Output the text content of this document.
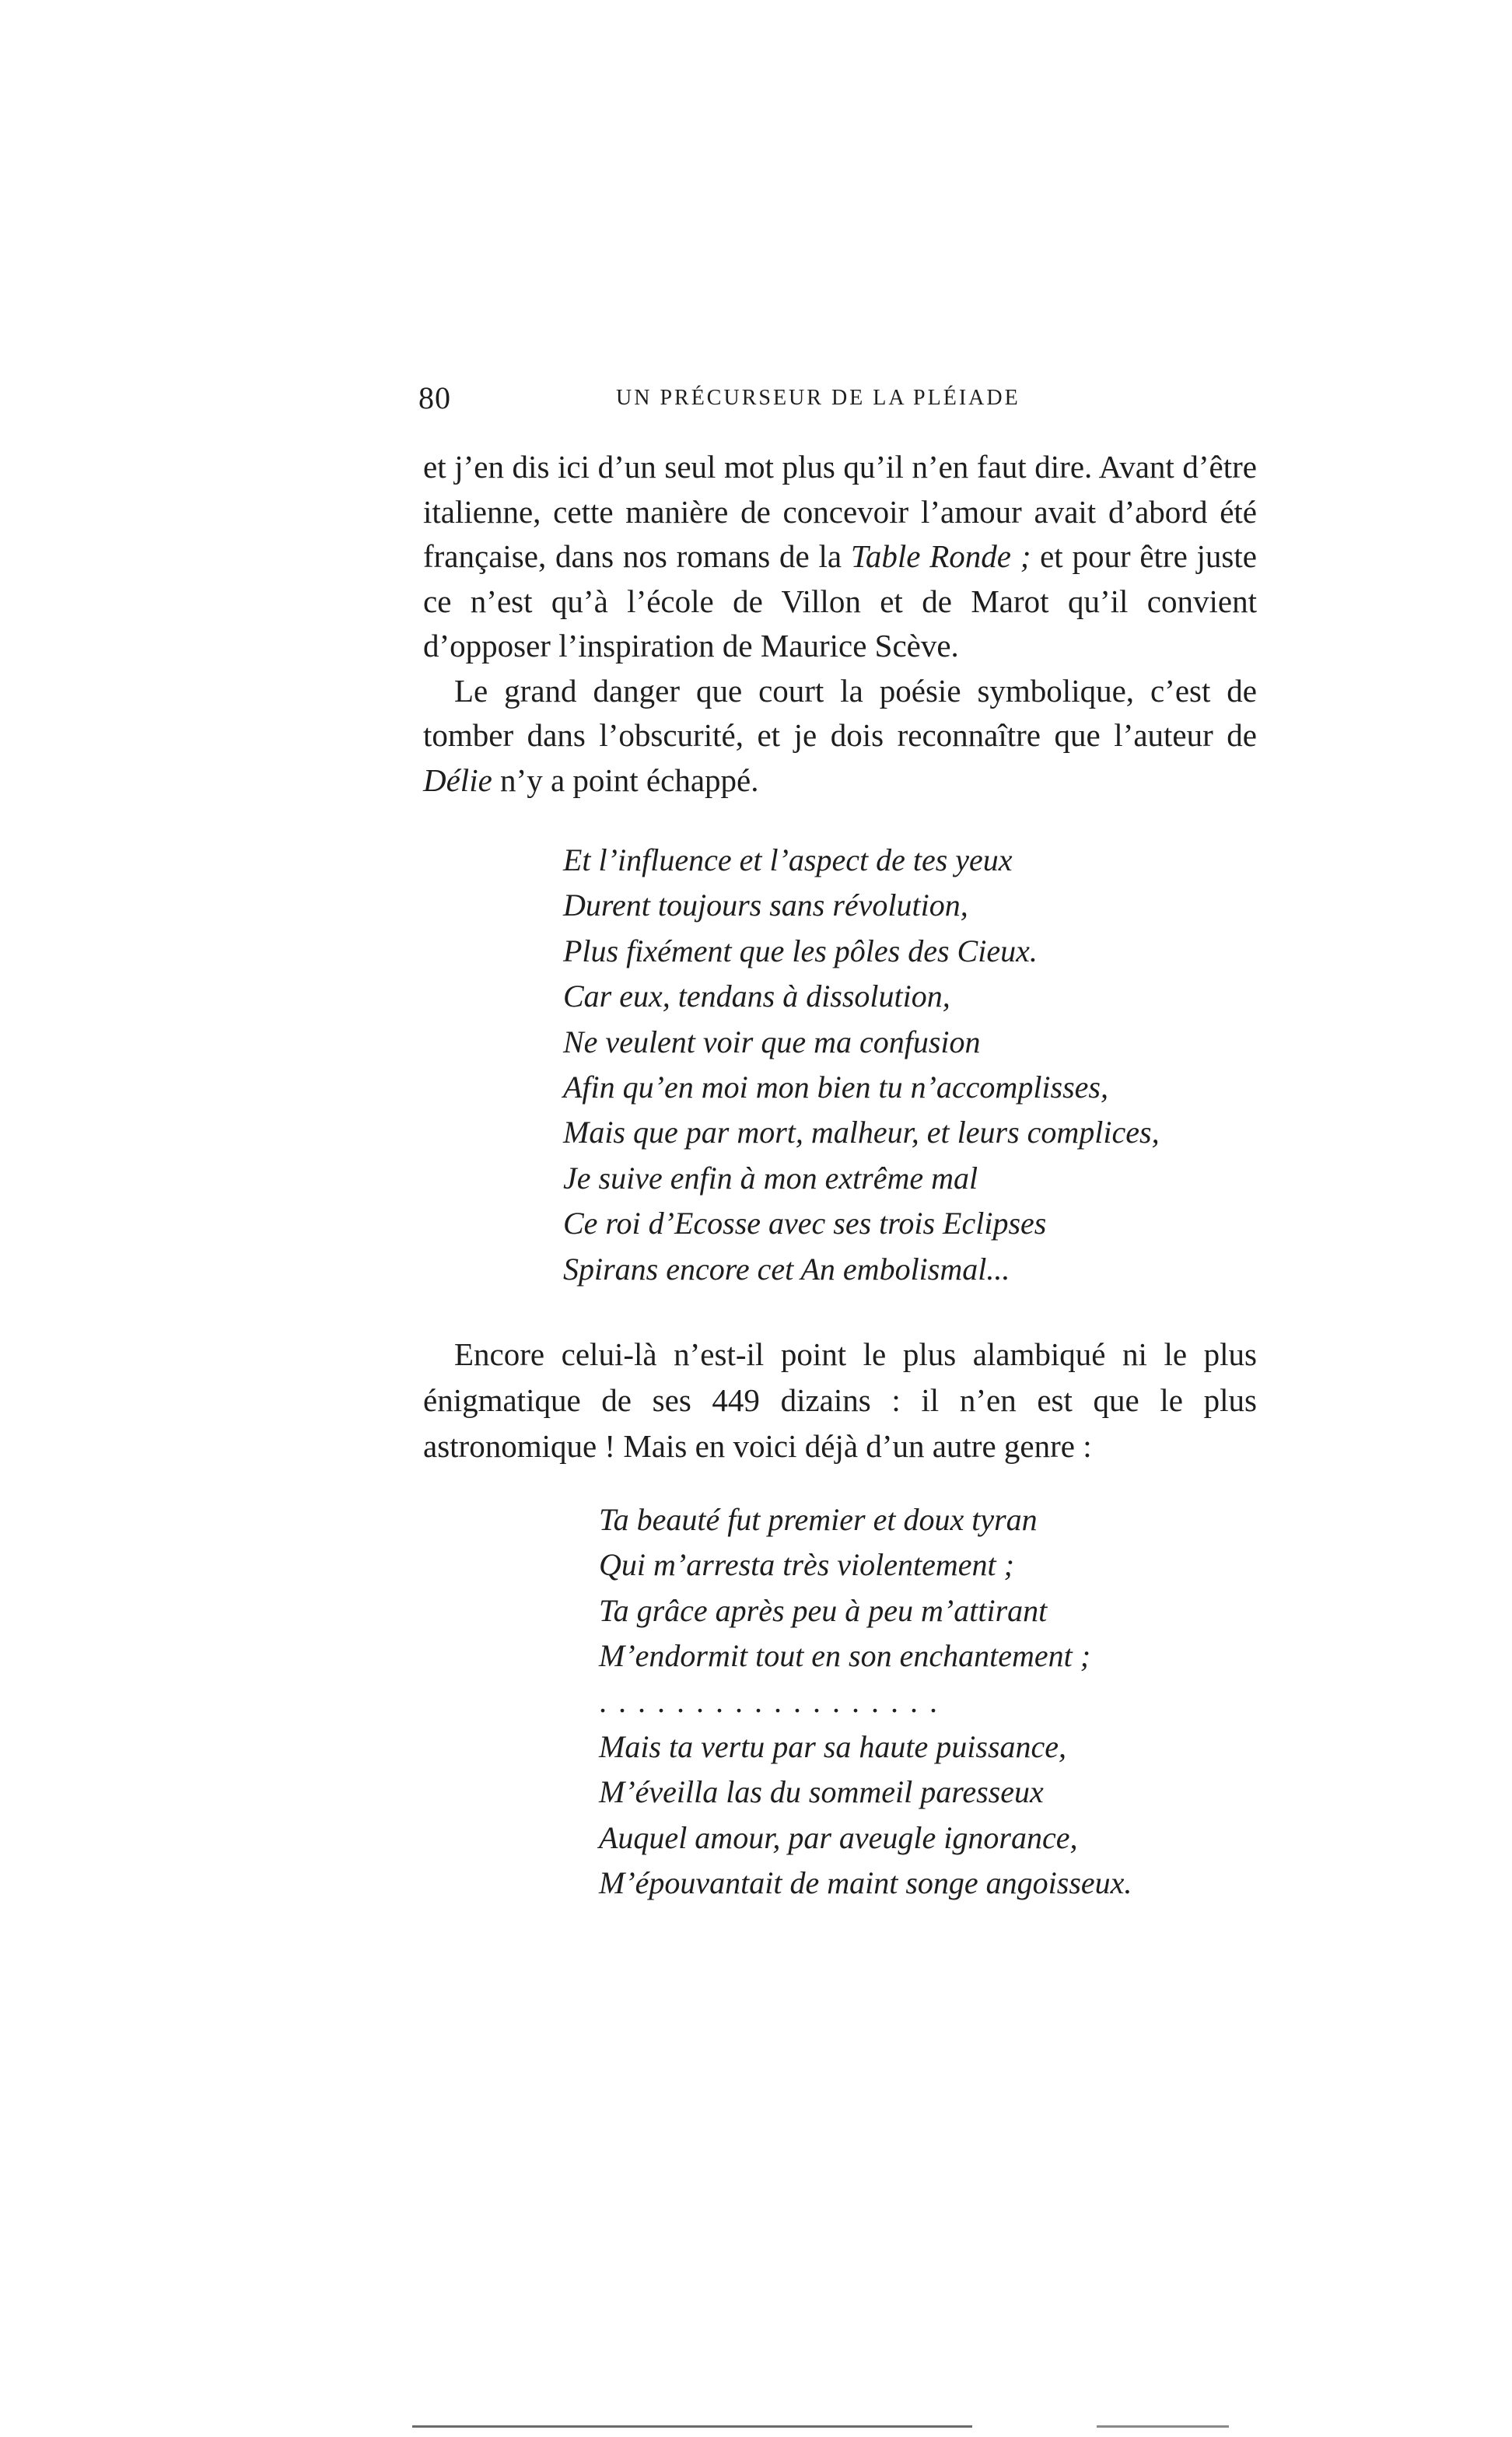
80	UN PRÉCURSEUR DE LA PLÉIADE

et j’en dis ici d’un seul mot plus qu’il n’en faut dire. Avant d’être italienne, cette manière de concevoir l’amour avait d’abord été française, dans nos romans de la Table Ronde ; et pour être juste ce n’est qu’à l’école de Villon et de Marot qu’il convient d’opposer l’inspiration de Maurice Scève.

Le grand danger que court la poésie symbolique, c’est de tomber dans l’obscurité, et je dois reconnaître que l’auteur de Délie n’y a point échappé.

Et l’influence et l’aspect de tes yeux
Durent toujours sans révolution,
Plus fixément que les pôles des Cieux.
Car eux, tendans à dissolution,
Ne veulent voir que ma confusion
Afin qu’en moi mon bien tu n’accomplisses,
Mais que par mort, malheur, et leurs complices,
Je suive enfin à mon extrême mal
Ce roi d’Ecosse avec ses trois Eclipses
Spirans encore cet An embolismal...

Encore celui-là n’est-il point le plus alambiqué ni le plus énigmatique de ses 449 dizains : il n’en est que le plus astronomique ! Mais en voici déjà d’un autre genre :

Ta beauté fut premier et doux tyran
Qui m’arresta très violentement ;
Ta grâce après peu à peu m’attirant
M’endormit tout en son enchantement ;
..................
Mais ta vertu par sa haute puissance,
M’éveilla las du sommeil paresseux
Auquel amour, par aveugle ignorance,
M’épouvantait de maint songe angoisseux.
